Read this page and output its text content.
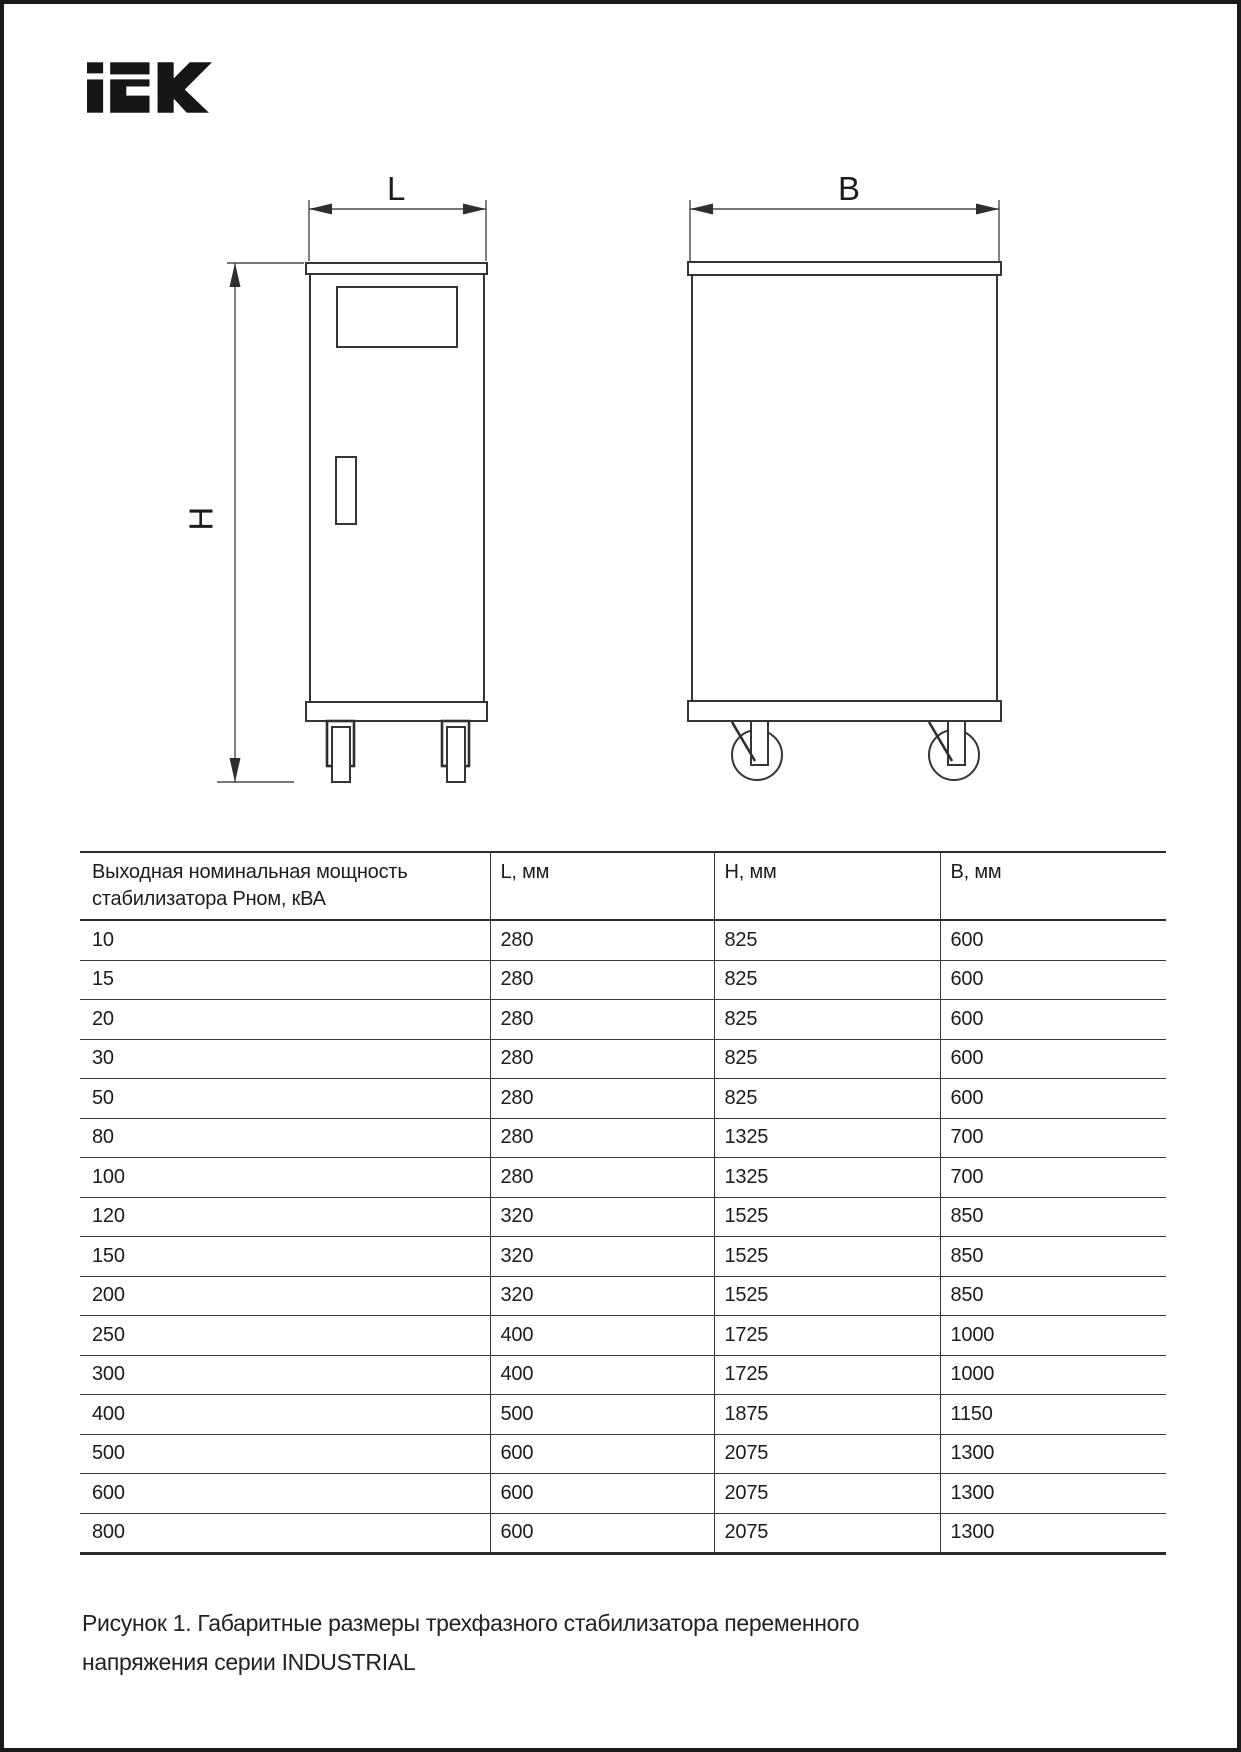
L	B
H
Выходная номинальная мощность стабилизатора Рном, кВА	L, мм	H, мм	B, мм
10	280	825	600
15	280	825	600
20	280	825	600
30	280	825	600
50	280	825	600
80	280	1325	700
100	280	1325	700
120	320	1525	850
150	320	1525	850
200	320	1525	850
250	400	1725	1000
300	400	1725	1000
400	500	1875	1150
500	600	2075	1300
600	600	2075	1300
800	600	2075	1300
Рисунок 1. Габаритные размеры трехфазного стабилизатора переменного
напряжения серии INDUSTRIAL
